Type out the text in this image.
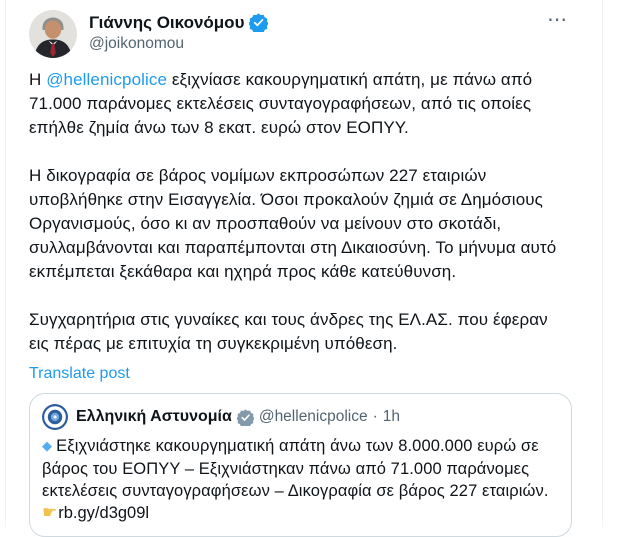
Γιάννης Οικονόμου
@joikonomou
⋯

Η @hellenicpolice εξιχνίασε κακουργηματική απάτη, με πάνω από 71.000 παράνομες εκτελέσεις συνταγογραφήσεων, από τις οποίες επήλθε ζημία άνω των 8 εκατ. ευρώ στον ΕΟΠΥΥ.

Η δικογραφία σε βάρος νομίμων εκπροσώπων 227 εταιριών υποβλήθηκε στην Εισαγγελία. Όσοι προκαλούν ζημιά σε Δημόσιους Οργανισμούς, όσο κι αν προσπαθούν να μείνουν στο σκοτάδι, συλλαμβάνονται και παραπέμπονται στη Δικαιοσύνη. Το μήνυμα αυτό εκπέμπεται ξεκάθαρα και ηχηρά προς κάθε κατεύθυνση.

Συγχαρητήρια στις γυναίκες και τους άνδρες της ΕΛ.ΑΣ. που έφεραν εις πέρας με επιτυχία τη συγκεκριμένη υπόθεση.

Translate post
Ελληνική Αστυνομία @hellenicpolice · 1h
◆ Εξιχνιάστηκε κακουργηματική απάτη άνω των 8.000.000 ευρώ σε βάρος του ΕΟΠΥΥ – Εξιχνιάστηκαν πάνω από 71.000 παράνομες εκτελέσεις συνταγογραφήσεων – Δικογραφία σε βάρος 227 εταιριών.
☛rb.gy/d3g09l
